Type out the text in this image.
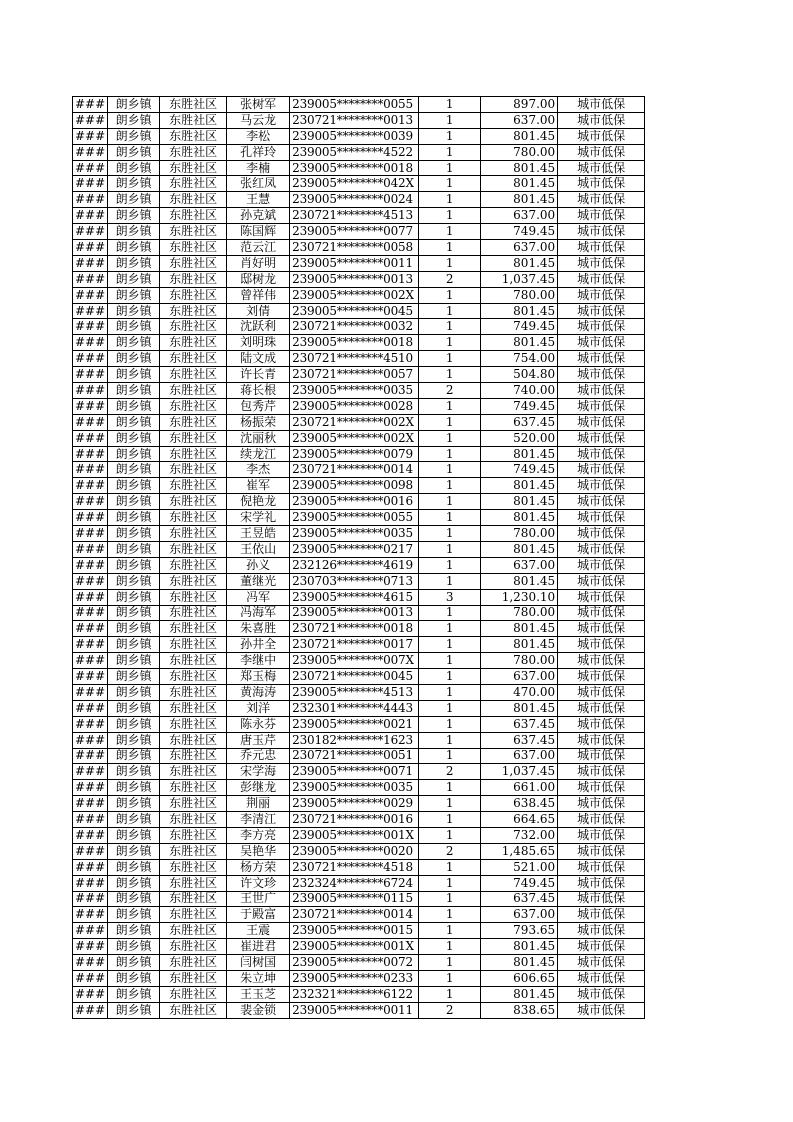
###	朗乡镇	东胜社区	张树军	239005********0055	1	897.00	城市低保
###	朗乡镇	东胜社区	马云龙	230721********0013	1	637.00	城市低保
###	朗乡镇	东胜社区	李松	239005********0039	1	801.45	城市低保
###	朗乡镇	东胜社区	孔祥玲	239005********4522	1	780.00	城市低保
###	朗乡镇	东胜社区	李楠	239005********0018	1	801.45	城市低保
###	朗乡镇	东胜社区	张红凤	239005********042X	1	801.45	城市低保
###	朗乡镇	东胜社区	王慧	239005********0024	1	801.45	城市低保
###	朗乡镇	东胜社区	孙克斌	230721********4513	1	637.00	城市低保
###	朗乡镇	东胜社区	陈国辉	239005********0077	1	749.45	城市低保
###	朗乡镇	东胜社区	范云江	230721********0058	1	637.00	城市低保
###	朗乡镇	东胜社区	肖好明	239005********0011	1	801.45	城市低保
###	朗乡镇	东胜社区	邸树龙	239005********0013	2	1,037.45	城市低保
###	朗乡镇	东胜社区	曾祥伟	239005********002X	1	780.00	城市低保
###	朗乡镇	东胜社区	刘倩	239005********0045	1	801.45	城市低保
###	朗乡镇	东胜社区	沈跃利	230721********0032	1	749.45	城市低保
###	朗乡镇	东胜社区	刘明珠	239005********0018	1	801.45	城市低保
###	朗乡镇	东胜社区	陆文成	230721********4510	1	754.00	城市低保
###	朗乡镇	东胜社区	许长青	230721********0057	1	504.80	城市低保
###	朗乡镇	东胜社区	蒋长根	239005********0035	2	740.00	城市低保
###	朗乡镇	东胜社区	包秀芹	239005********0028	1	749.45	城市低保
###	朗乡镇	东胜社区	杨振荣	230721********002X	1	637.45	城市低保
###	朗乡镇	东胜社区	沈丽秋	239005********002X	1	520.00	城市低保
###	朗乡镇	东胜社区	续龙江	239005********0079	1	801.45	城市低保
###	朗乡镇	东胜社区	李杰	230721********0014	1	749.45	城市低保
###	朗乡镇	东胜社区	崔军	239005********0098	1	801.45	城市低保
###	朗乡镇	东胜社区	倪艳龙	239005********0016	1	801.45	城市低保
###	朗乡镇	东胜社区	宋学礼	239005********0055	1	801.45	城市低保
###	朗乡镇	东胜社区	王昱皓	239005********0035	1	780.00	城市低保
###	朗乡镇	东胜社区	王依山	239005********0217	1	801.45	城市低保
###	朗乡镇	东胜社区	孙义	232126********4619	1	637.00	城市低保
###	朗乡镇	东胜社区	董继光	230703********0713	1	801.45	城市低保
###	朗乡镇	东胜社区	冯军	239005********4615	3	1,230.10	城市低保
###	朗乡镇	东胜社区	冯海军	239005********0013	1	780.00	城市低保
###	朗乡镇	东胜社区	朱喜胜	230721********0018	1	801.45	城市低保
###	朗乡镇	东胜社区	孙井全	230721********0017	1	801.45	城市低保
###	朗乡镇	东胜社区	李继中	239005********007X	1	780.00	城市低保
###	朗乡镇	东胜社区	郑玉梅	230721********0045	1	637.00	城市低保
###	朗乡镇	东胜社区	黄海涛	239005********4513	1	470.00	城市低保
###	朗乡镇	东胜社区	刘洋	232301********4443	1	801.45	城市低保
###	朗乡镇	东胜社区	陈永芬	239005********0021	1	637.45	城市低保
###	朗乡镇	东胜社区	唐玉芹	230182********1623	1	637.45	城市低保
###	朗乡镇	东胜社区	乔元忠	230721********0051	1	637.00	城市低保
###	朗乡镇	东胜社区	宋学海	239005********0071	2	1,037.45	城市低保
###	朗乡镇	东胜社区	彭继龙	239005********0035	1	661.00	城市低保
###	朗乡镇	东胜社区	荆丽	239005********0029	1	638.45	城市低保
###	朗乡镇	东胜社区	李清江	230721********0016	1	664.65	城市低保
###	朗乡镇	东胜社区	李方亮	239005********001X	1	732.00	城市低保
###	朗乡镇	东胜社区	吴艳华	239005********0020	2	1,485.65	城市低保
###	朗乡镇	东胜社区	杨方荣	230721********4518	1	521.00	城市低保
###	朗乡镇	东胜社区	许文珍	232324********6724	1	749.45	城市低保
###	朗乡镇	东胜社区	王世广	239005********0115	1	637.45	城市低保
###	朗乡镇	东胜社区	于殿富	230721********0014	1	637.00	城市低保
###	朗乡镇	东胜社区	王震	239005********0015	1	793.65	城市低保
###	朗乡镇	东胜社区	崔进君	239005********001X	1	801.45	城市低保
###	朗乡镇	东胜社区	闫树国	239005********0072	1	801.45	城市低保
###	朗乡镇	东胜社区	朱立坤	239005********0233	1	606.65	城市低保
###	朗乡镇	东胜社区	王玉芝	232321********6122	1	801.45	城市低保
###	朗乡镇	东胜社区	裴金锁	239005********0011	2	838.65	城市低保
